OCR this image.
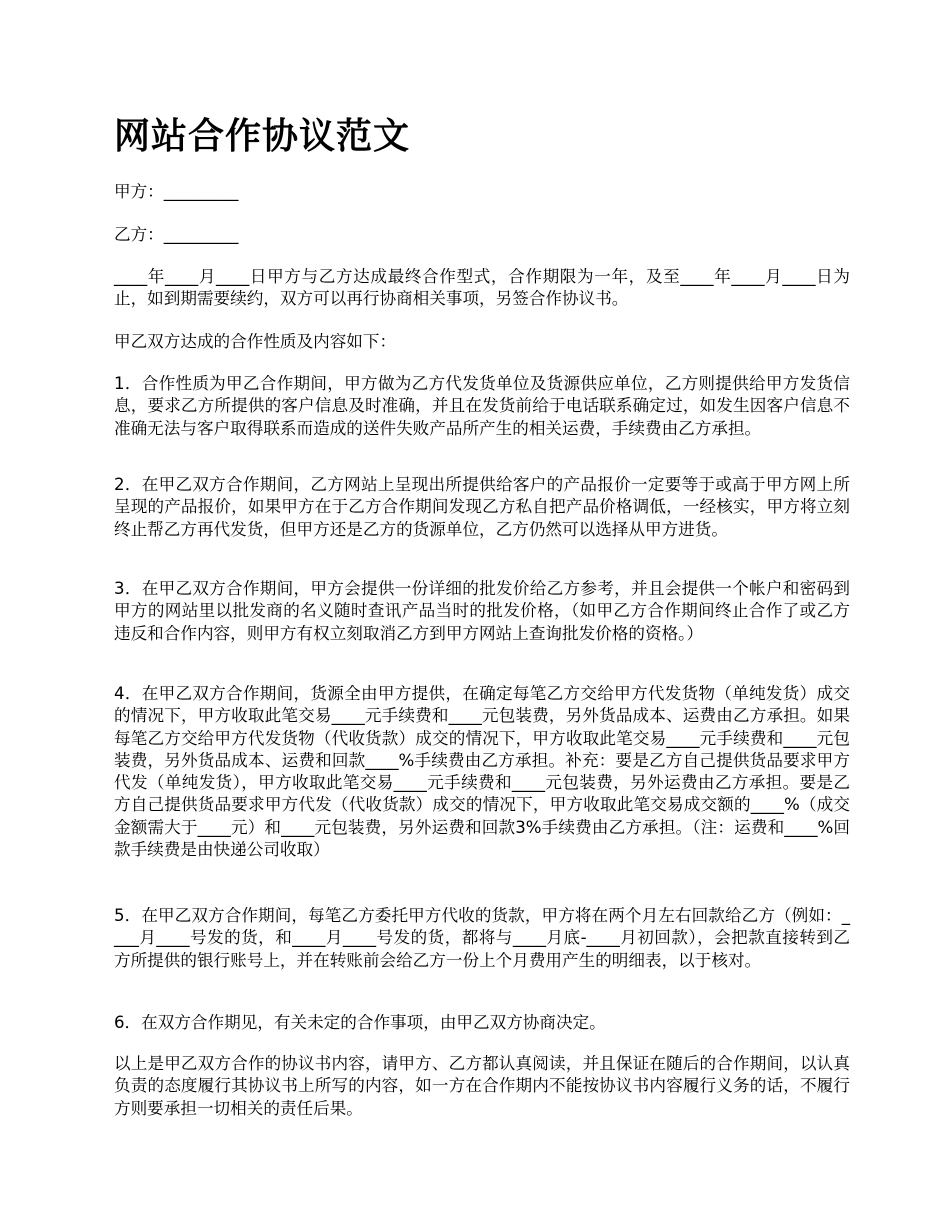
网站合作协议范文

甲方：_________

乙方：_________

____年____月____日甲方与乙方达成最终合作型式，合作期限为一年，及至____年____月____日为止，如到期需要续约，双方可以再行协商相关事项，另签合作协议书。

甲乙双方达成的合作性质及内容如下：

1．合作性质为甲乙合作期间，甲方做为乙方代发货单位及货源供应单位，乙方则提供给甲方发货信息，要求乙方所提供的客户信息及时准确，并且在发货前给于电话联系确定过，如发生因客户信息不准确无法与客户取得联系而造成的送件失败产品所产生的相关运费，手续费由乙方承担。

2．在甲乙双方合作期间，乙方网站上呈现出所提供给客户的产品报价一定要等于或高于甲方网上所呈现的产品报价，如果甲方在于乙方合作期间发现乙方私自把产品价格调低，一经核实，甲方将立刻终止帮乙方再代发货，但甲方还是乙方的货源单位，乙方仍然可以选择从甲方进货。

3．在甲乙双方合作期间，甲方会提供一份详细的批发价给乙方参考，并且会提供一个帐户和密码到甲方的网站里以批发商的名义随时查讯产品当时的批发价格，（如甲乙方合作期间终止合作了或乙方违反和合作内容，则甲方有权立刻取消乙方到甲方网站上查询批发价格的资格。）

4．在甲乙双方合作期间，货源全由甲方提供，在确定每笔乙方交给甲方代发货物（单纯发货）成交的情况下，甲方收取此笔交易____元手续费和____元包装费，另外货品成本、运费由乙方承担。如果每笔乙方交给甲方代发货物（代收货款）成交的情况下，甲方收取此笔交易____元手续费和____元包装费，另外货品成本、运费和回款____%手续费由乙方承担。补充：要是乙方自己提供货品要求甲方代发（单纯发货），甲方收取此笔交易____元手续费和____元包装费，另外运费由乙方承担。要是乙方自己提供货品要求甲方代发（代收货款）成交的情况下，甲方收取此笔交易成交额的____%（成交金额需大于____元）和____元包装费，另外运费和回款3%手续费由乙方承担。（注：运费和____%回款手续费是由快递公司收取）

5．在甲乙双方合作期间，每笔乙方委托甲方代收的货款，甲方将在两个月左右回款给乙方（例如：____月____号发的货，和____月____号发的货，都将与____月底-____月初回款），会把款直接转到乙方所提供的银行账号上，并在转账前会给乙方一份上个月费用产生的明细表，以于核对。

6．在双方合作期见，有关未定的合作事项，由甲乙双方协商决定。

以上是甲乙双方合作的协议书内容，请甲方、乙方都认真阅读，并且保证在随后的合作期间，以认真负责的态度履行其协议书上所写的内容，如一方在合作期内不能按协议书内容履行义务的话，不履行方则要承担一切相关的责任后果。
